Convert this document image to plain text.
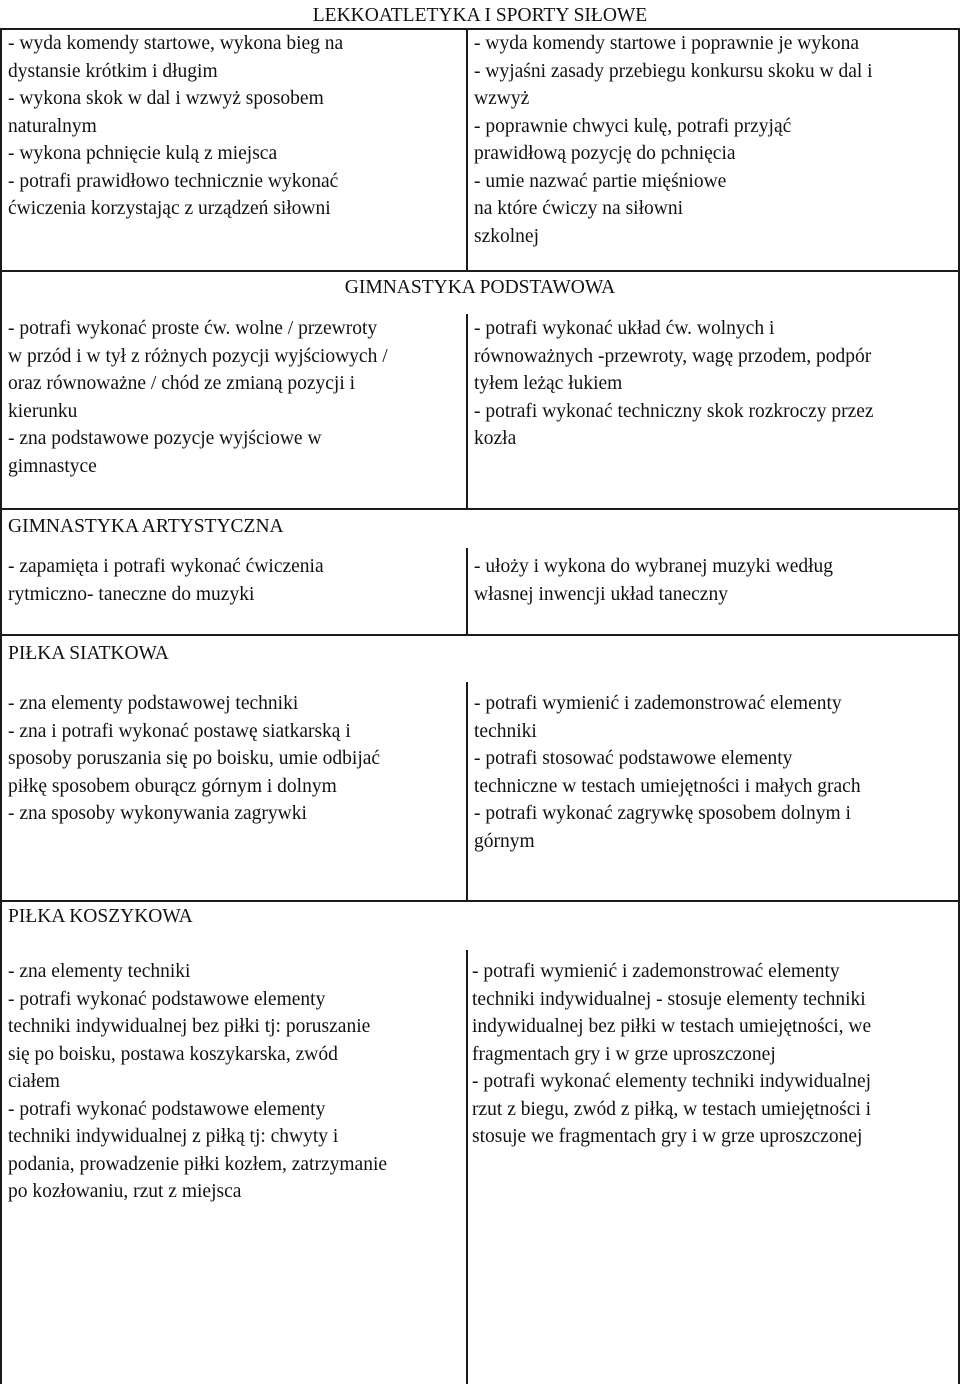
LEKKOATLETYKA I SPORTY SIŁOWE
- wyda komendy startowe, wykona bieg na
dystansie krótkim i długim
- wykona skok w dal i wzwyż sposobem
naturalnym
- wykona pchnięcie kulą z miejsca
- potrafi prawidłowo technicznie wykonać
ćwiczenia korzystając z urządzeń siłowni
- wyda komendy startowe i poprawnie je wykona
- wyjaśni zasady przebiegu konkursu skoku w dal i
wzwyż
- poprawnie chwyci kulę, potrafi przyjąć
prawidłową pozycję do pchnięcia
- umie nazwać partie mięśniowe
na które ćwiczy na siłowni
szkolnej
GIMNASTYKA PODSTAWOWA
- potrafi wykonać proste ćw. wolne / przewroty
w przód i w tył z różnych pozycji wyjściowych /
oraz równoważne / chód ze zmianą pozycji i
kierunku
- zna podstawowe pozycje wyjściowe w
gimnastyce
- potrafi wykonać układ ćw. wolnych i
równoważnych -przewroty, wagę przodem, podpór
tyłem leżąc łukiem
- potrafi wykonać techniczny skok rozkroczy przez
kozła
GIMNASTYKA ARTYSTYCZNA
- zapamięta i potrafi wykonać ćwiczenia
rytmiczno- taneczne do muzyki
- ułoży i wykona do wybranej muzyki według
własnej inwencji układ taneczny
PIŁKA SIATKOWA
- zna elementy podstawowej techniki
- zna i potrafi wykonać postawę siatkarską i
sposoby poruszania się po boisku, umie odbijać
piłkę sposobem oburącz górnym i dolnym
- zna sposoby wykonywania zagrywki
- potrafi wymienić i zademonstrować elementy
techniki
- potrafi stosować podstawowe elementy
techniczne w testach umiejętności i małych grach
- potrafi wykonać zagrywkę sposobem dolnym i
górnym
PIŁKA KOSZYKOWA
- zna elementy techniki
- potrafi wykonać podstawowe elementy
techniki indywidualnej bez piłki tj: poruszanie
się po boisku, postawa koszykarska, zwód
ciałem
- potrafi wykonać podstawowe elementy
techniki indywidualnej z piłką tj: chwyty i
podania, prowadzenie piłki kozłem, zatrzymanie
po kozłowaniu, rzut z miejsca
- potrafi wymienić i zademonstrować elementy
techniki indywidualnej - stosuje elementy techniki
indywidualnej bez piłki w testach umiejętności, we
fragmentach gry i w grze uproszczonej
- potrafi wykonać elementy techniki indywidualnej
rzut z biegu, zwód z piłką, w testach umiejętności i
stosuje we fragmentach gry i w grze uproszczonej
